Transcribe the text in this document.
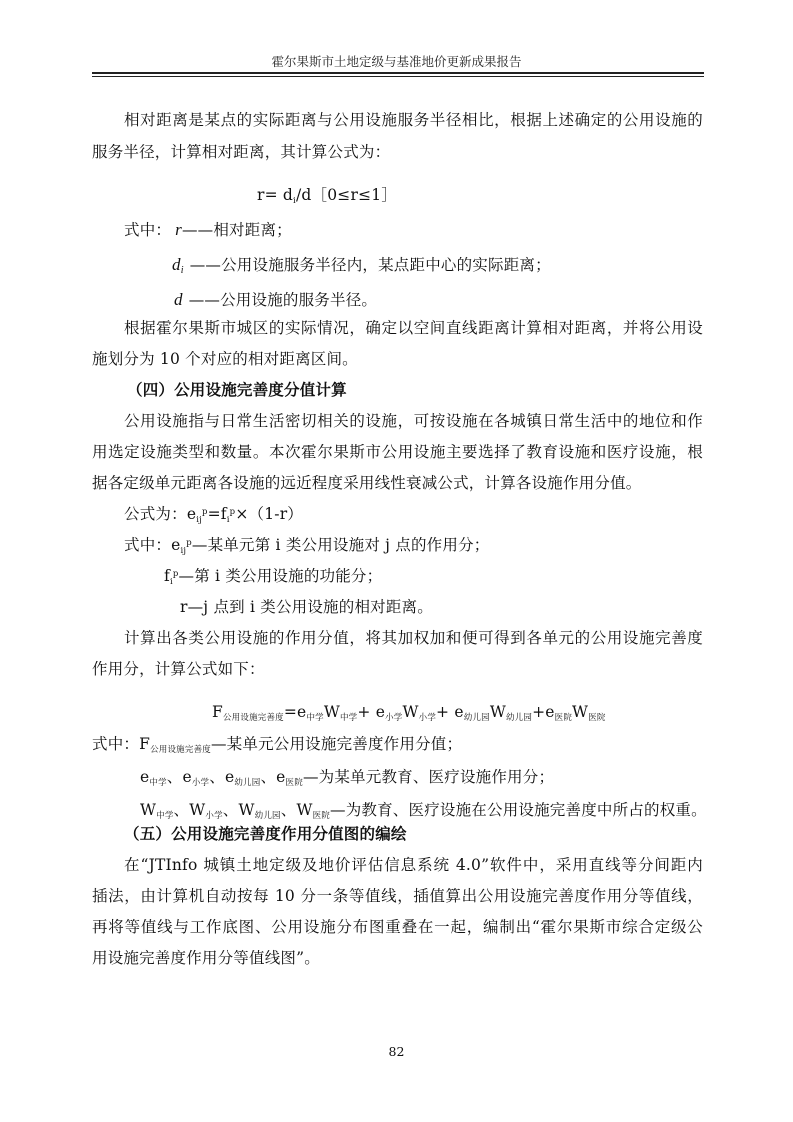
霍尔果斯市土地定级与基准地价更新成果报告
相对距离是某点的实际距离与公用设施服务半径相比，根据上述确定的公用设施的
服务半径，计算相对距离，其计算公式为：
r= di/d［0≤r≤1］
式中： r——相对距离；
di ——公用设施服务半径内，某点距中心的实际距离；
d ——公用设施的服务半径。
根据霍尔果斯市城区的实际情况，确定以空间直线距离计算相对距离，并将公用设
施划分为 10 个对应的相对距离区间。
（四）公用设施完善度分值计算
公用设施指与日常生活密切相关的设施，可按设施在各城镇日常生活中的地位和作
用选定设施类型和数量。本次霍尔果斯市公用设施主要选择了教育设施和医疗设施，根
据各定级单元距离各设施的远近程度采用线性衰减公式，计算各设施作用分值。
公式为：$eij^p=fi^p\times(1-r)$
式中：eij$^p$—某单元第 i 类公用设施对 j 点的作用分；
$fi^p—$第 i 类公用设施的功能分；
r—j 点到 i 类公用设施的相对距离。
计算出各类公用设施的作用分值，将其加权加和便可得到各单元的公用设施完善度
作用分，计算公式如下：
F公用设施完善度=e中学W中学+ e小学W小学+ e幼儿园W幼儿园+e医院W医院
式中：F公用设施完善度—某单元公用设施完善度作用分值；
e中学、e小学、e幼儿园、e医院—为某单元教育、医疗设施作用分；
W中学、W小学、W幼儿园、W医院—为教育、医疗设施在公用设施完善度中所占的权重。
（五）公用设施完善度作用分值图的编绘
在“JTInfo 城镇土地定级及地价评估信息系统 4.0”软件中，采用直线等分间距内
插法，由计算机自动按每 10 分一条等值线，插值算出公用设施完善度作用分等值线，
再将等值线与工作底图、公用设施分布图重叠在一起，编制出“霍尔果斯市综合定级公
用设施完善度作用分等值线图”。
82
